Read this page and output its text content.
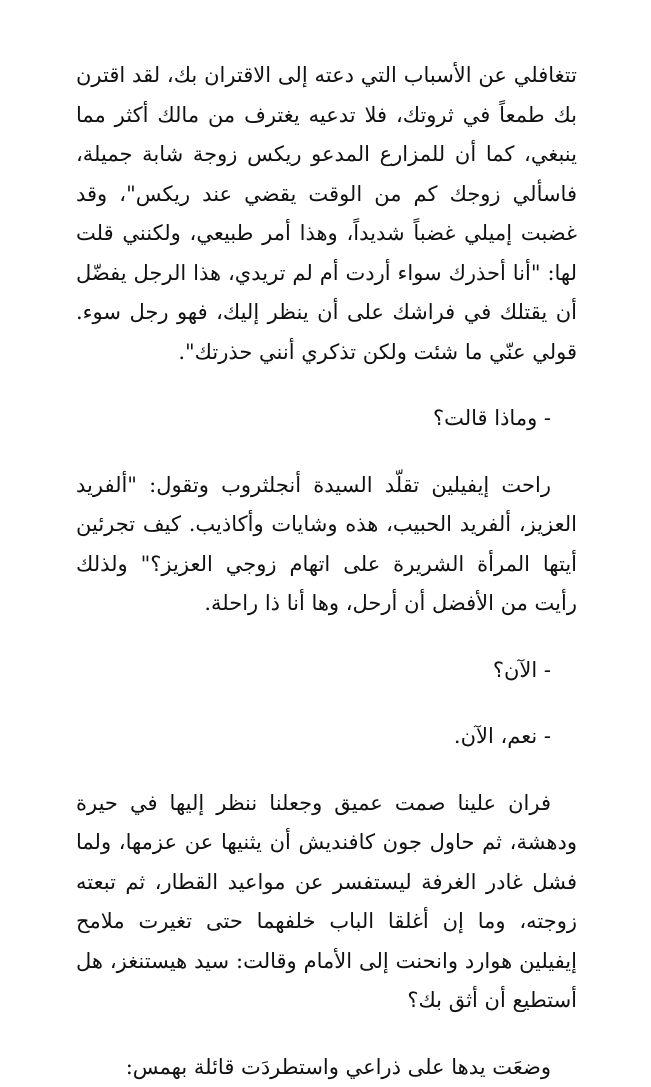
تتغافلي عن الأسباب التي دعته إلى الاقتران بك، لقد اقترن بك طمعاً في ثروتك، فلا تدعيه يغترف من مالك أكثر مما ينبغي، كما أن للمزارع المدعو ريكس زوجة شابة جميلة، فاسألي زوجك كم من الوقت يقضي عند ريكس"، وقد غضبت إميلي غضباً شديداً، وهذا أمر طبيعي، ولكنني قلت لها: "أنا أحذرك سواء أردت أم لم تريدي، هذا الرجل يفضّل أن يقتلك في فراشك على أن ينظر إليك، فهو رجل سوء. قولي عنّي ما شئت ولكن تذكري أنني حذرتك".

- وماذا قالت؟

راحت إيفيلين تقلّد السيدة أنجلثروب وتقول: "ألفريد العزيز، ألفريد الحبيب، هذه وشايات وأكاذيب. كيف تجرئين أيتها المرأة الشريرة على اتهام زوجي العزيز؟" ولذلك رأيت من الأفضل أن أرحل، وها أنا ذا راحلة.

- الآن؟

- نعم، الآن.

فران علينا صمت عميق وجعلنا ننظر إليها في حيرة ودهشة، ثم حاول جون كافنديش أن يثنيها عن عزمها، ولما فشل غادر الغرفة ليستفسر عن مواعيد القطار، ثم تبعته زوجته، وما إن أغلقا الباب خلفهما حتى تغيرت ملامح إيفيلين هوارد وانحنت إلى الأمام وقالت: سيد هيستنغز، هل أستطيع أن أثق بك؟

وضعَت يدها على ذراعي واستطردَت قائلة بهمس:
